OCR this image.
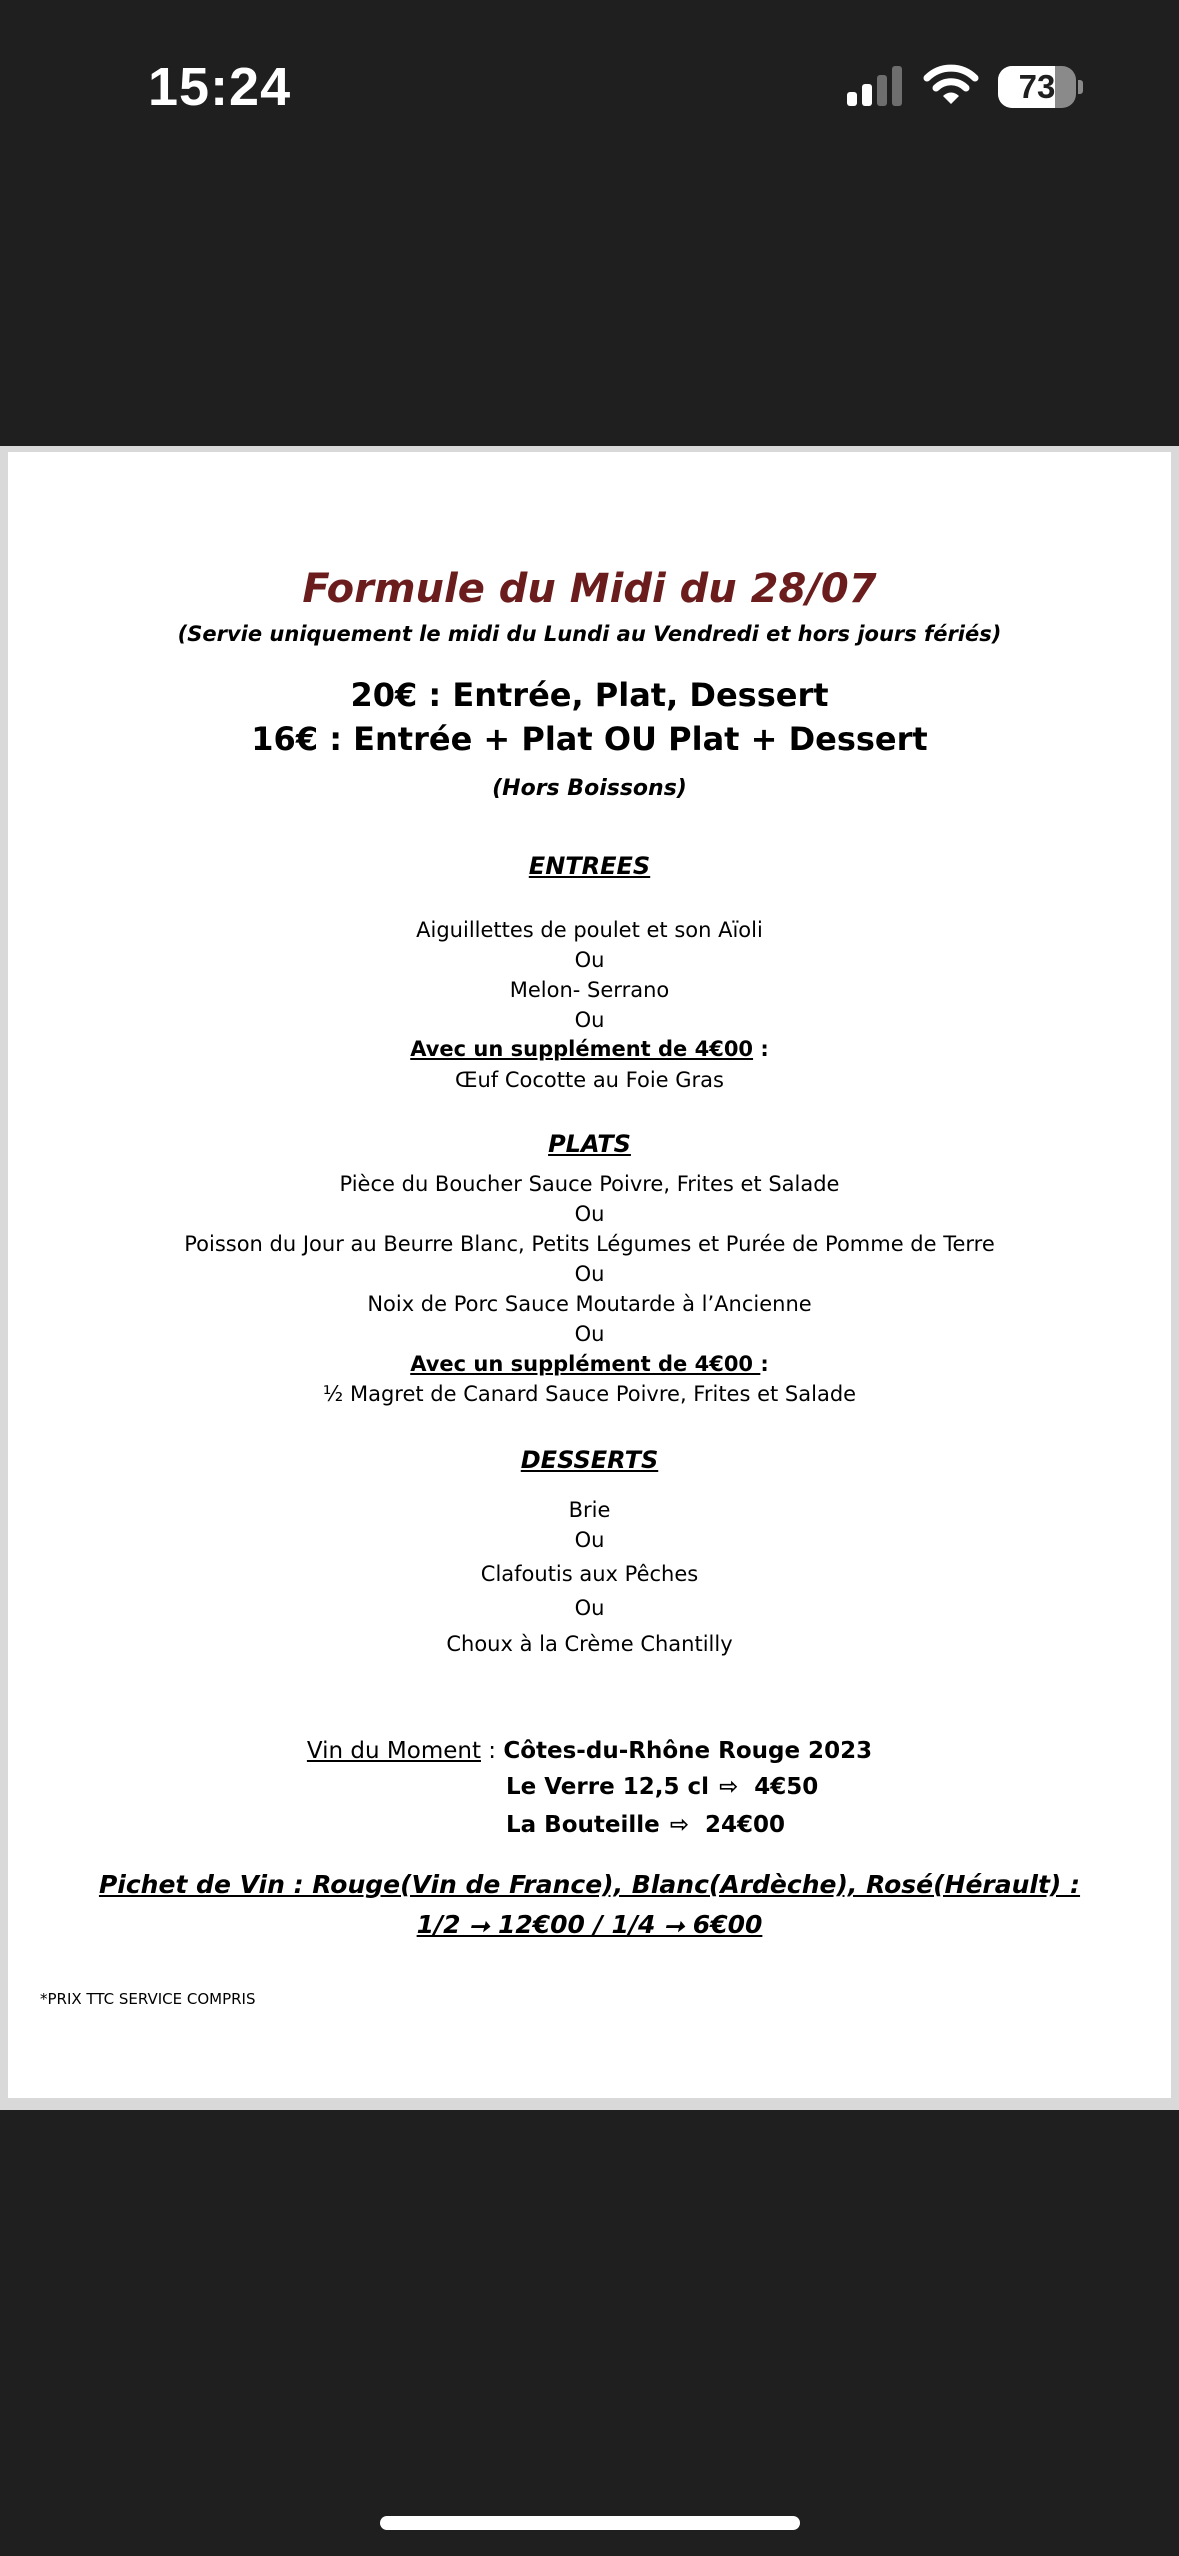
15:24	73
Formule du Midi du 28/07
(Servie uniquement le midi du Lundi au Vendredi et hors jours fériés)
20€ : Entrée, Plat, Dessert
16€ : Entrée + Plat OU Plat + Dessert
(Hors Boissons)
ENTREES
Aiguillettes de poulet et son Aïoli
Ou
Melon- Serrano
Ou
Avec un supplément de 4€00 :
Œuf Cocotte au Foie Gras
PLATS
Pièce du Boucher Sauce Poivre, Frites et Salade
Ou
Poisson du Jour au Beurre Blanc, Petits Légumes et Purée de Pomme de Terre
Ou
Noix de Porc Sauce Moutarde à l’Ancienne
Ou
Avec un supplément de 4€00 :
½ Magret de Canard Sauce Poivre, Frites et Salade
DESSERTS
Brie
Ou
Clafoutis aux Pêches
Ou
Choux à la Crème Chantilly
Vin du Moment : Côtes-du-Rhône Rouge 2023
Le Verre 12,5 cl ⇨ 4€50
La Bouteille ⇨ 24€00
Pichet de Vin : Rouge(Vin de France), Blanc(Ardèche), Rosé(Hérault) :
1/2 ⭢ 12€00 / 1/4 ⭢ 6€00
*PRIX TTC SERVICE COMPRIS
